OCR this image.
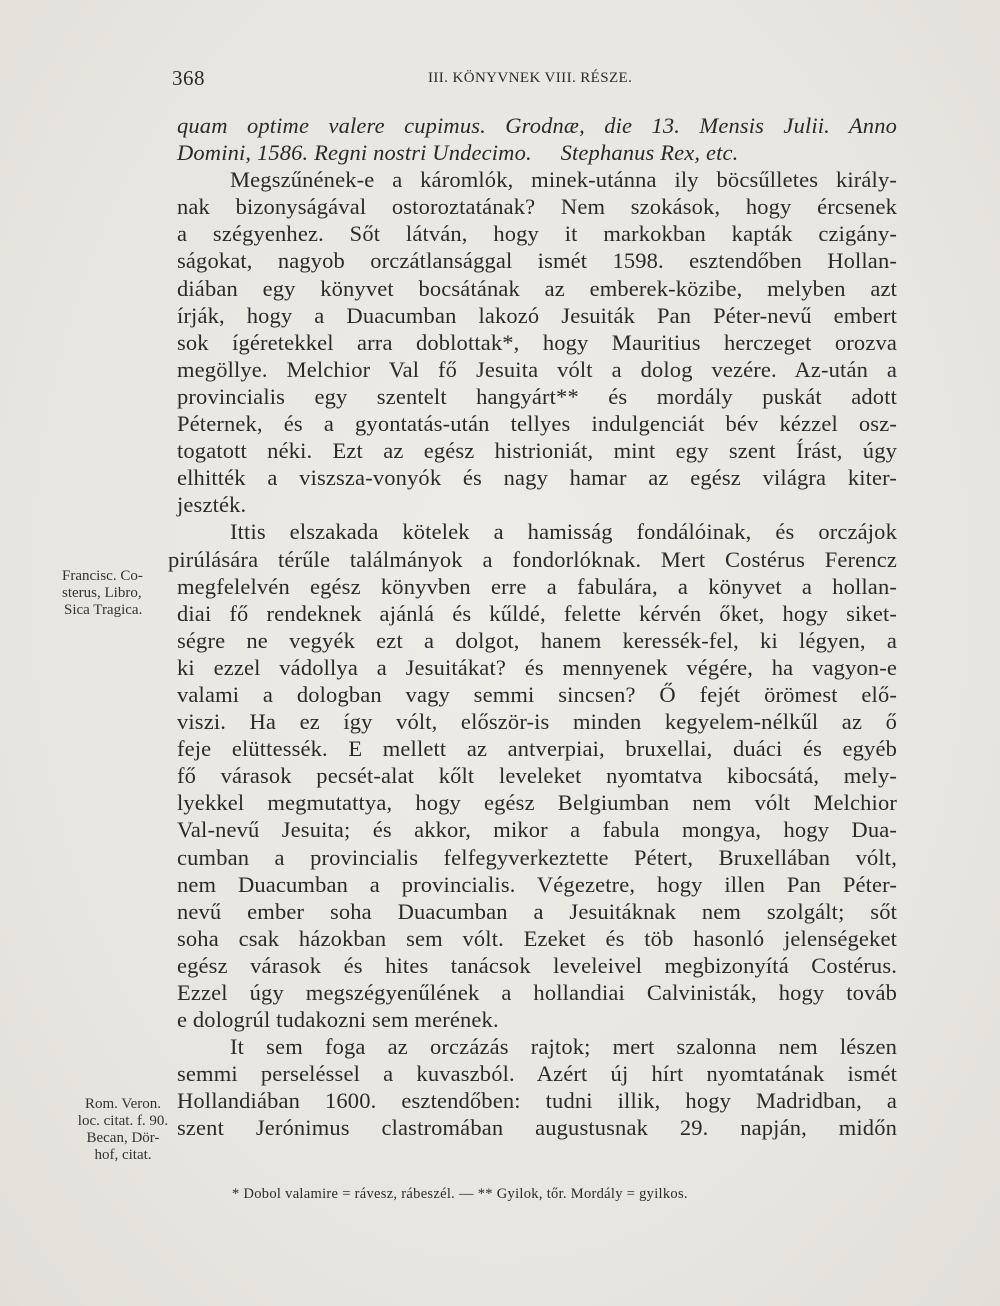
368	III. KÖNYVNEK VIII. RÉSZE.
quam optime valere cupimus. Grodnæ, die 13. Mensis Julii. Anno
Domini, 1586. Regni nostri Undecimo.     Stephanus Rex, etc.
Megszűnének-e a káromlók, minek-utánna ily böcsűlletes király-
nak bizonyságával ostoroztatának? Nem szokások, hogy ércsenek
a szégyenhez. Sőt látván, hogy it markokban kapták czigány-
ságokat, nagyob orczátlansággal ismét 1598. esztendőben Hollan-
diában egy könyvet bocsátának az emberek-közibe, melyben azt
írják, hogy a Duacumban lakozó Jesuiták Pan Péter-nevű embert
sok ígéretekkel arra doblottak*, hogy Mauritius herczeget orozva
megöllye. Melchior Val fő Jesuita vólt a dolog vezére. Az-után a
provincialis egy szentelt hangyárt** és mordály puskát adott
Péternek, és a gyontatás-után tellyes indulgenciát bév kézzel osz-
togatott néki. Ezt az egész histrioniát, mint egy szent Írást, úgy
elhitték a viszsza-vonyók és nagy hamar az egész világra kiter-
jeszték.
Ittis elszakada kötelek a hamisság fondálóinak, és orczájok
pirúlására térűle találmányok a fondorlóknak. Mert Costérus Ferencz
megfelelvén egész könyvben erre a fabulára, a könyvet a hollan-
diai fő rendeknek ajánlá és kűldé, felette kérvén őket, hogy siket-
ségre ne vegyék ezt a dolgot, hanem keressék-fel, ki légyen, a
ki ezzel vádollya a Jesuitákat? és mennyenek végére, ha vagyon-e
valami a dologban vagy semmi sincsen? Ő fejét örömest elő-
viszi. Ha ez így vólt, először-is minden kegyelem-nélkűl az ő
feje elüttessék. E mellett az antverpiai, bruxellai, duáci és egyéb
fő várasok pecsét-alat kőlt leveleket nyomtatva kibocsátá, mely-
lyekkel megmutattya, hogy egész Belgiumban nem vólt Melchior
Val-nevű Jesuita; és akkor, mikor a fabula mongya, hogy Dua-
cumban a provincialis felfegyverkeztette Pétert, Bruxellában vólt,
nem Duacumban a provincialis. Végezetre, hogy illen Pan Péter-
nevű ember soha Duacumban a Jesuitáknak nem szolgált; sőt
soha csak házokban sem vólt. Ezeket és töb hasonló jelenségeket
egész várasok és hites tanácsok leveleivel megbizonyítá Costérus.
Ezzel úgy megszégyenűlének a hollandiai Calvinisták, hogy továb
e dologrúl tudakozni sem merének.
It sem foga az orczázás rajtok; mert szalonna nem lészen
semmi perseléssel a kuvaszból. Azért új hírt nyomtatának ismét
Hollandiában 1600. esztendőben: tudni illik, hogy Madridban, a
szent Jerónimus clastromában augustusnak 29. napján, midőn
Francisc. Co-
sterus, Libro,
Sica Tragica.
Rom. Veron.
loc. citat. f. 90.
Becan, Dör-
hof, citat.
* Dobol valamire = rávesz, rábeszél. — ** Gyilok, tőr. Mordály = gyilkos.
